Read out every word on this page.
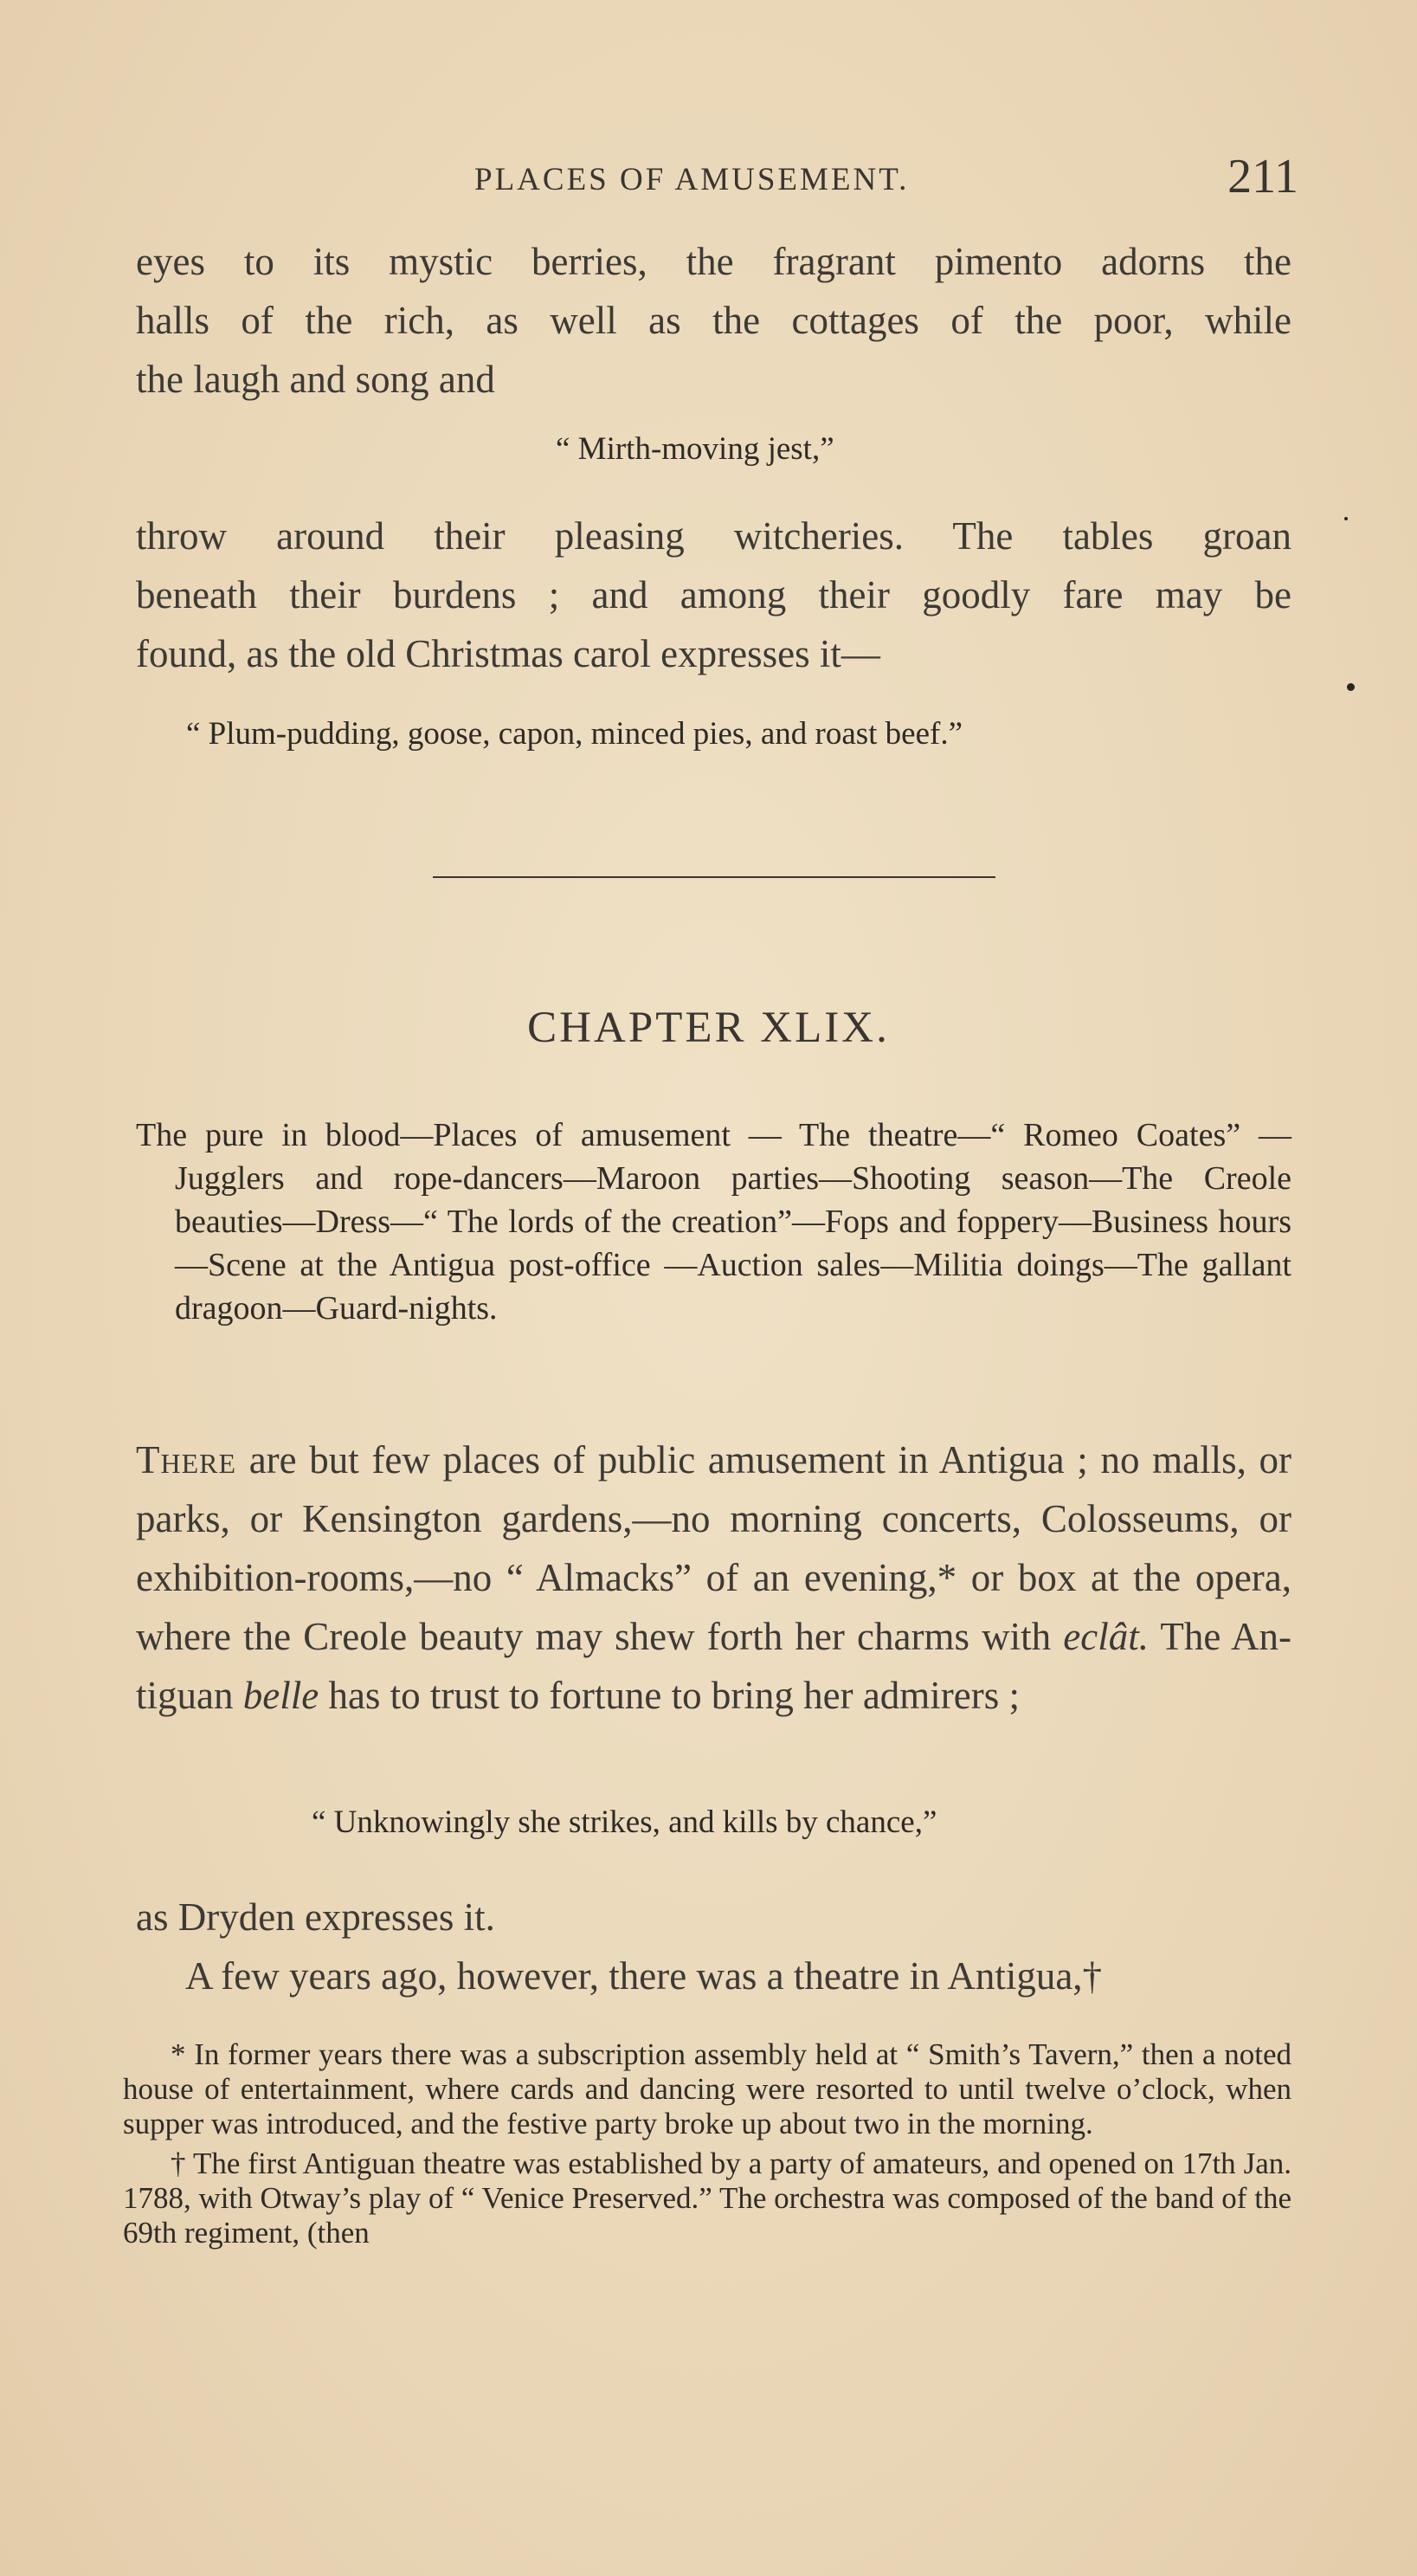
PLACES OF AMUSEMENT.	211

eyes to its mystic berries, the fragrant pimento adorns the

halls of the rich, as well as the cottages of the poor, while

the laugh and song and

“ Mirth-moving jest,”

throw around their pleasing witcheries. The tables groan

beneath their burdens ; and among their goodly fare may be

found, as the old Christmas carol expresses it—

“ Plum-pudding, goose, capon, minced pies, and roast beef.”
CHAPTER XLIX.

The pure in blood—Places of amusement — The theatre—“ Romeo Coates” — Jugglers and rope-dancers—Maroon parties—Shooting season—The Creole beauties—Dress—“ The lords of the creation”—Fops and foppery—Business hours—Scene at the Antigua post-office —Auction sales—Militia doings—The gallant dragoon—Guard-nights.

There are but few places of public amusement in Antigua ; no malls, or parks, or Kensington gardens,—no morning concerts, Colosseums, or exhibition-rooms,—no “ Almacks” of an evening,* or box at the opera, where the Creole beauty may shew forth her charms with eclât. The An-tiguan belle has to trust to fortune to bring her admirers ;

“ Unknowingly she strikes, and kills by chance,”

as Dryden expresses it.

A few years ago, however, there was a theatre in Antigua,†

* In former years there was a subscription assembly held at “ Smith’s Tavern,” then a noted house of entertainment, where cards and dancing were resorted to until twelve o’clock, when supper was introduced, and the festive party broke up about two in the morning.

† The first Antiguan theatre was established by a party of amateurs, and opened on 17th Jan. 1788, with Otway’s play of “ Venice Preserved.” The orchestra was composed of the band of the 69th regiment, (then
